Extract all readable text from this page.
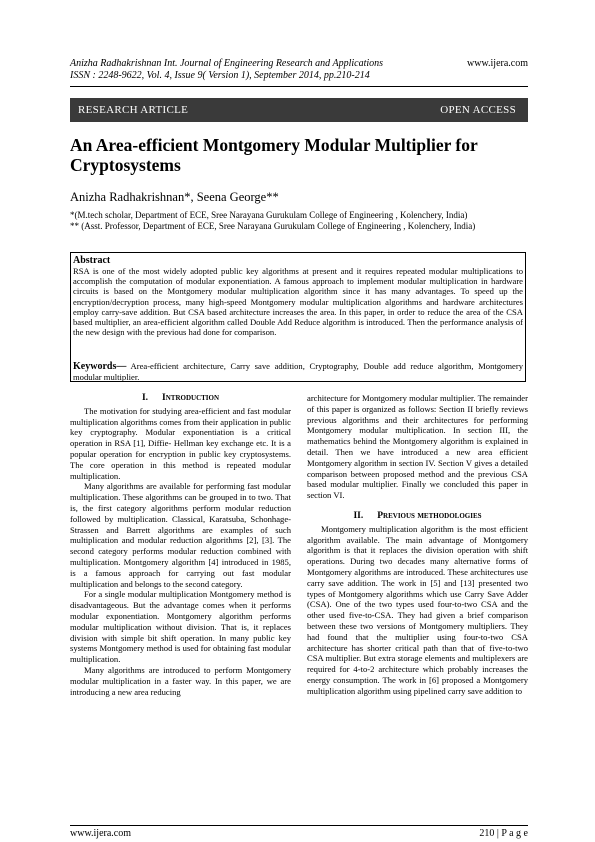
Anizha Radhakrishnan Int. Journal of Engineering Research and Applications
ISSN : 2248-9622, Vol. 4, Issue 9( Version 1), September 2014, pp.210-214
www.ijera.com
RESEARCH ARTICLE	OPEN ACCESS
An Area-efficient Montgomery Modular Multiplier for Cryptosystems
Anizha Radhakrishnan*, Seena George**
*(M.tech scholar, Department of ECE, Sree Narayana Gurukulam College of Engineering , Kolenchery, India)
** (Asst. Professor, Department of ECE, Sree Narayana Gurukulam College of Engineering , Kolenchery, India)
Abstract
RSA is one of the most widely adopted public key algorithms at present and it requires repeated modular multiplications to accomplish the computation of modular exponentiation. A famous approach to implement modular multiplication in hardware circuits is based on the Montgomery modular multiplication algorithm since it has many advantages. To speed up the encryption/decryption process, many high-speed Montgomery modular multiplication algorithms and hardware architectures employ carry-save addition. But CSA based architecture increases the area. In this paper, in order to reduce the area of the CSA based multiplier, an area-efficient algorithm called Double Add Reduce algorithm is introduced. Then the performance analysis of the new design with the previous had done for comparison.
Keywords— Area-efficient architecture, Carry save addition, Cryptography, Double add reduce algorithm, Montgomery modular multiplier.
I. Introduction

The motivation for studying area-efficient and fast modular multiplication algorithms comes from their application in public key cryptography. Modular exponentiation is a critical operation in RSA [1], Diffie- Hellman key exchange etc. It is a popular operation for encryption in public key cryptosystems. The core operation in this method is repeated modular multiplication.

Many algorithms are available for performing fast modular multiplication. These algorithms can be grouped in to two. That is, the first category algorithms perform modular reduction followed by multiplication. Classical, Karatsuba, Schonhage-Strassen and Barrett algorithms are examples of such multiplication and modular reduction algorithms [2], [3]. The second category performs modular reduction combined with multiplication. Montgomery algorithm [4] introduced in 1985, is a famous approach for carrying out fast modular multiplication and belongs to the second category.

For a single modular multiplication Montgomery method is disadvantageous. But the advantage comes when it performs modular exponentiation. Montgomery algorithm performs modular multiplication without division. That is, it replaces division with simple bit shift operation. In many public key systems Montgomery method is used for obtaining fast modular multiplication.

Many algorithms are introduced to perform Montgomery modular multiplication in a faster way. In this paper, we are introducing a new area reducing

architecture for Montgomery modular multiplier. The remainder of this paper is organized as follows: Section II briefly reviews previous algorithms and their architectures for performing Montgomery modular multiplication. In section III, the mathematics behind the Montgomery algorithm is explained in detail. Then we have introduced a new area efficient Montgomery algorithm in section IV. Section V gives a detailed comparison between proposed method and the previous CSA based modular multiplier. Finally we concluded this paper in section VI.

II. Previous methodologies

Montgomery multiplication algorithm is the most efficient algorithm available. The main advantage of Montgomery algorithm is that it replaces the division operation with shift operations. During two decades many alternative forms of Montgomery algorithms are introduced. These architectures use carry save addition. The work in [5] and [13] presented two types of Montgomery algorithms which use Carry Save Adder (CSA). One of the two types used four-to-two CSA and the other used five-to-CSA. They had given a brief comparison between these two versions of Montgomery multipliers. They had found that the multiplier using four-to-two CSA architecture has shorter critical path than that of five-to-two CSA multiplier. But extra storage elements and multiplexers are required for 4-to-2 architecture which probably increases the energy consumption. The work in [6] proposed a Montgomery multiplication algorithm using pipelined carry save addition to

www.ijera.com	210 | P a g e
